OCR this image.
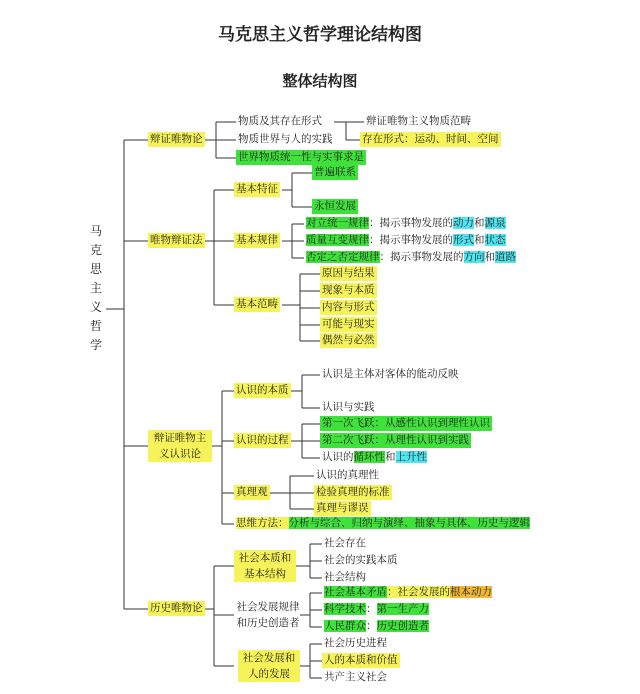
马克思主义哲学理论结构图
整体结构图
马
克
思
主
义
哲
学
辩证唯物论
唯物辩证法
辩证唯物主义认识论
历史唯物论
物质及其存在形式	辩证唯物主义物质范畴
存在形式：运动、时间、空间
物质世界与人的实践
世界物质统一性与实事求是
基本特征
普遍联系
永恒发展
基本规律
对立统一规律：揭示事物发展的动力和源泉
质量互变规律：揭示事物发展的形式和状态
否定之否定规律：揭示事物发展的方向和道路
基本范畴
原因与结果
现象与本质
内容与形式
可能与现实
偶然与必然
认识的本质
认识是主体对客体的能动反映
认识与实践
认识的过程
第一次飞跃：从感性认识到理性认识
第二次飞跃：从理性认识到实践
认识的循环性和上升性
真理观
认识的真理性
检验真理的标准
真理与谬误
思维方法：分析与综合、归纳与演绎、抽象与具体、历史与逻辑
社会本质和基本结构
社会存在
社会的实践本质
社会结构
社会发展规律和历史创造者
社会基本矛盾：社会发展的根本动力
科学技术：第一生产力
人民群众：历史创造者
社会发展和人的发展
社会历史进程
人的本质和价值
共产主义社会
